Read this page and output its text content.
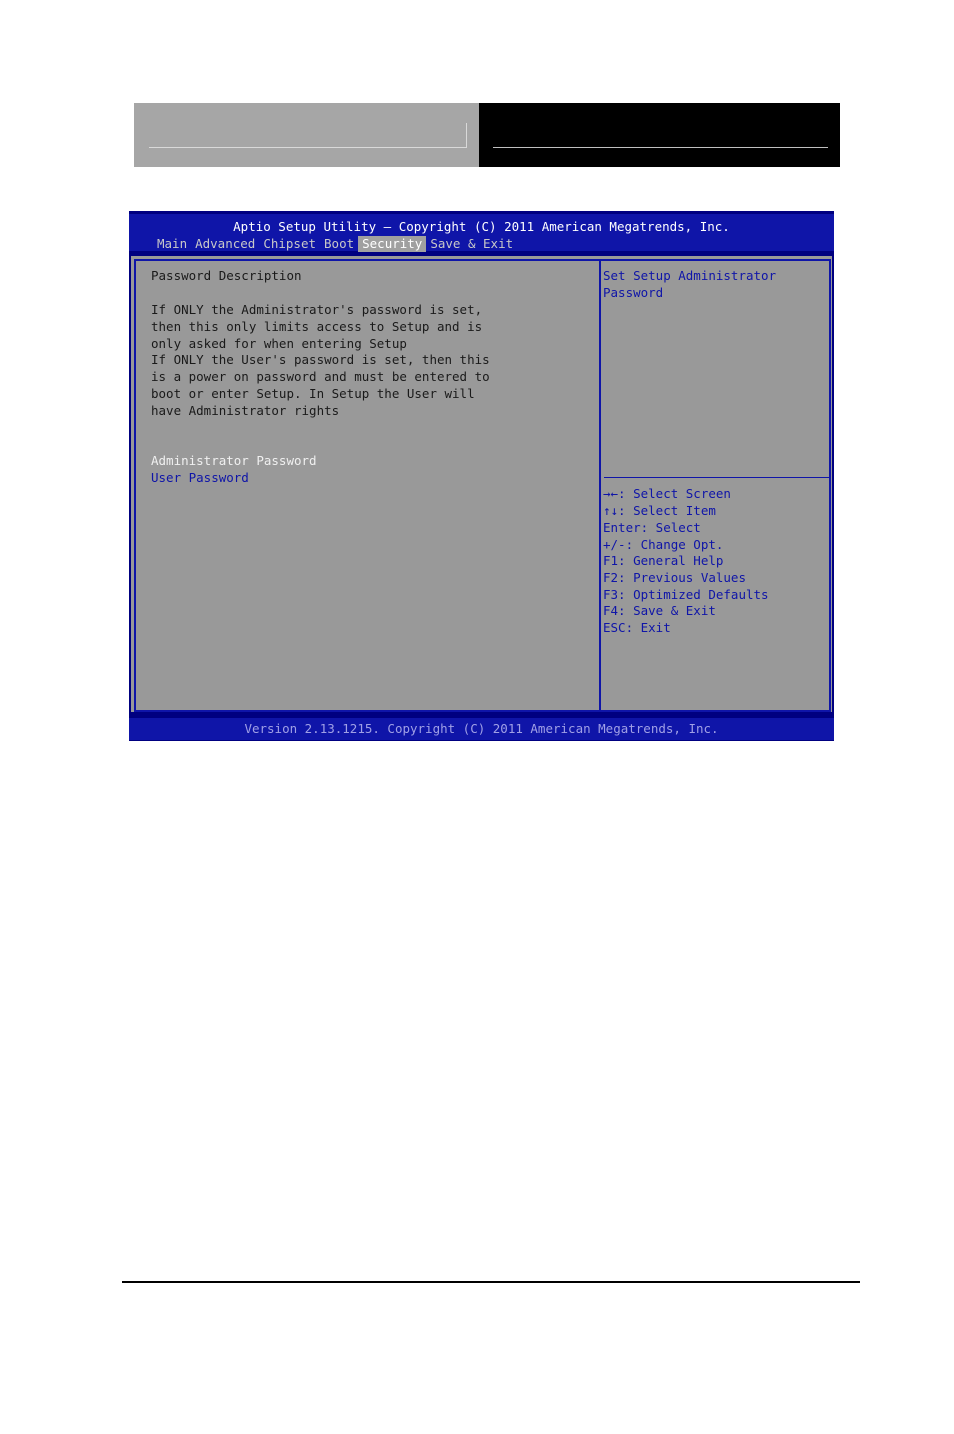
Aptio Setup Utility – Copyright (C) 2011 American Megatrends, Inc.
Main Advanced Chipset Boot Security Save & Exit
Password Description
If ONLY the Administrator's password is set,
then this only limits access to Setup and is
only asked for when entering Setup
If ONLY the User's password is set, then this
is a power on password and must be entered to
boot or enter Setup. In Setup the User will
have Administrator rights
Administrator Password
User Password
Set Setup Administrator
Password
→←: Select Screen
↑↓: Select Item
Enter: Select
+/-: Change Opt.
F1: General Help
F2: Previous Values
F3: Optimized Defaults
F4: Save & Exit
ESC: Exit
Version 2.13.1215. Copyright (C) 2011 American Megatrends, Inc.
